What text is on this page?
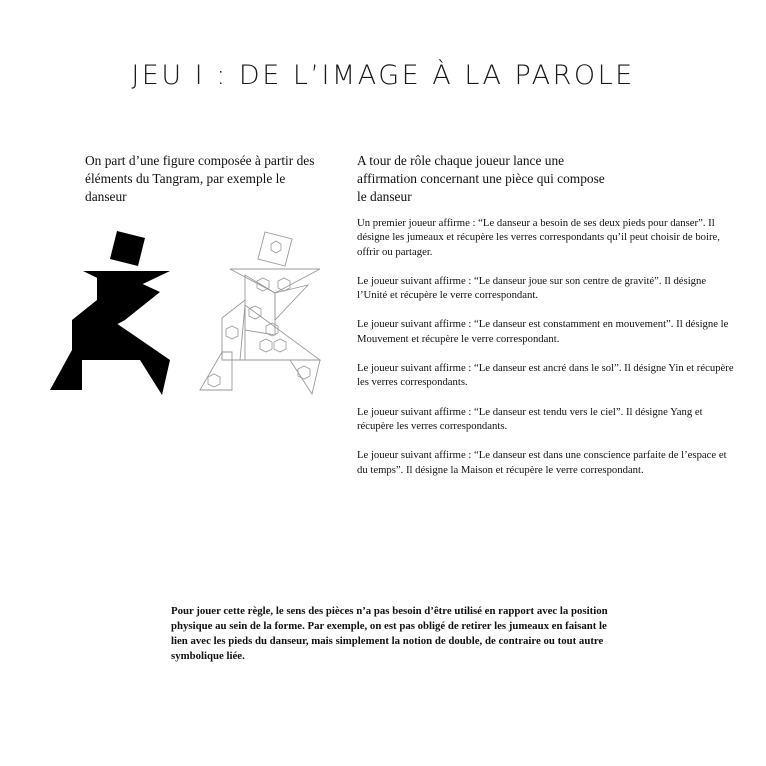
JEU I : DE L’IMAGE À LA PAROLE
On part d’une figure composée à partir des éléments du Tangram, par exemple le danseur
A tour de rôle chaque joueur lance une affirmation concernant une pièce qui compose le danseur

Un premier joueur affirme : “Le danseur a besoin de ses deux pieds pour danser”. Il désigne les jumeaux et récupère les verres correspondants qu’il peut choisir de boire, offrir ou partager.

Le joueur suivant affirme : “Le danseur joue sur son centre de gravité”. Il désigne l’Unité et récupère le verre correspondant.

Le joueur suivant affirme : “Le danseur est constamment en mouvement”. Il désigne le Mouvement et récupère le verre correspondant.

Le joueur suivant affirme : “Le danseur est ancré dans le sol”. Il désigne Yin et récupère les verres correspondants.

Le joueur suivant affirme : “Le danseur est tendu vers le ciel”. Il désigne Yang et récupère les verres correspondants.

Le joueur suivant affirme : “Le danseur est dans une conscience parfaite de l’espace et du temps”. Il désigne la Maison et récupère le verre correspondant.

Pour jouer cette règle, le sens des pièces n’a pas besoin d’être utilisé en rapport avec la position physique au sein de la forme. Par exemple, on est pas obligé de retirer les jumeaux en faisant le lien avec les pieds du danseur, mais simplement la notion de double, de contraire ou tout autre symbolique liée.
